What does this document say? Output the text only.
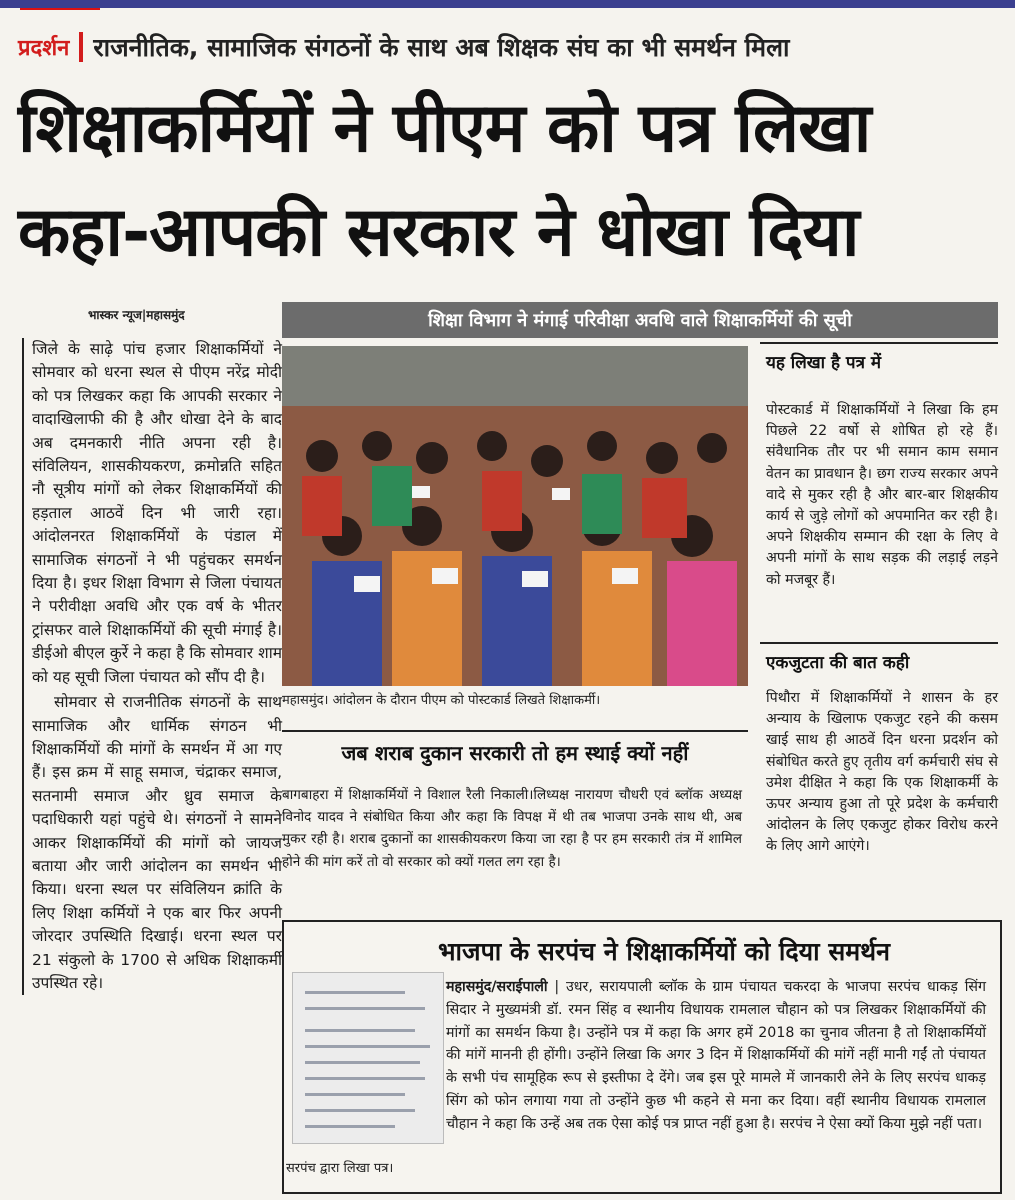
प्रदर्शन राजनीतिक, सामाजिक संगठनों के साथ अब शिक्षक संघ का भी समर्थन मिला
शिक्षाकर्मियों ने पीएम को पत्र लिखा
कहा-आपकी सरकार ने धोखा दिया
भास्कर न्यूज|महासमुंद

जिले के साढ़े पांच हजार शिक्षाकर्मियों ने सोमवार को धरना स्थल से पीएम नरेंद्र मोदी को पत्र लिखकर कहा कि आपकी सरकार ने वादाखिलाफी की है और धोखा देने के बाद अब दमनकारी नीति अपना रही है। संविलियन, शासकीयकरण, क्रमोन्नति सहित नौ सूत्रीय मांगों को लेकर शिक्षाकर्मियों की हड़ताल आठवें दिन भी जारी रहा। आंदोलनरत शिक्षाकर्मियों के पंडाल में सामाजिक संगठनों ने भी पहुंचकर समर्थन दिया है। इधर शिक्षा विभाग से जिला पंचायत ने परीवीक्षा अवधि और एक वर्ष के भीतर ट्रांसफर वाले शिक्षाकर्मियों की सूची मंगाई है। डीईओ बीएल कुर्रे ने कहा है कि सोमवार शाम को यह सूची जिला पंचायत को सौंप दी है।

सोमवार से राजनीतिक संगठनों के साथ सामाजिक और धार्मिक संगठन भी शिक्षाकर्मियों की मांगों के समर्थन में आ गए हैं। इस क्रम में साहू समाज, चंद्राकर समाज, सतनामी समाज और ध्रुव समाज के पदाधिकारी यहां पहुंचे थे। संगठनों ने सामने आकर शिक्षाकर्मियों की मांगों को जायज बताया और जारी आंदोलन का समर्थन भी किया। धरना स्थल पर संविलियन क्रांति के लिए शिक्षा कर्मियों ने एक बार फिर अपनी जोरदार उपस्थिति दिखाई। धरना स्थल पर 21 संकुलो के 1700 से अधिक शिक्षाकर्मी उपस्थित रहे।

शिक्षा विभाग ने मंगाई परिवीक्षा अवधि वाले शिक्षाकर्मियों की सूची
महासमुंद। आंदोलन के दौरान पीएम को पोस्टकार्ड लिखते शिक्षाकर्मी।
यह लिखा है पत्र में
पोस्टकार्ड में शिक्षाकर्मियों ने लिखा कि हम पिछले 22 वर्षो से शोषित हो रहे हैं। संवैधानिक तौर पर भी समान काम समान वेतन का प्रावधान है। छग राज्य सरकार अपने वादे से मुकर रही है और बार-बार शिक्षकीय कार्य से जुड़े लोगों को अपमानित कर रही है। अपने शिक्षकीय सम्मान की रक्षा के लिए वे अपनी मांगों के साथ सड़क की लड़ाई लड़ने को मजबूर हैं।
एकजुटता की बात कही
पिथौरा में शिक्षाकर्मियों ने शासन के हर अन्याय के खिलाफ एकजुट रहने की कसम खाई साथ ही आठवें दिन धरना प्रदर्शन को संबोधित करते हुए तृतीय वर्ग कर्मचारी संघ से उमेश दीक्षित ने कहा कि एक शिक्षाकर्मी के ऊपर अन्याय हुआ तो पूरे प्रदेश के कर्मचारी आंदोलन के लिए एकजुट होकर विरोध करने के लिए आगे आएंगे।
जब शराब दुकान सरकारी तो हम स्थाई क्यों नहीं
बागबाहरा में शिक्षाकर्मियों ने विशाल रैली निकाली।लिध्यक्ष नारायण चौधरी एवं ब्लॉक अध्यक्ष विनोद यादव ने संबोधित किया और कहा कि विपक्ष में थी तब भाजपा उनके साथ थी, अब मुकर रही है। शराब दुकानों का शासकीयकरण किया जा रहा है पर हम सरकारी तंत्र में शामिल होने की मांग करें तो वो सरकार को क्यों गलत लग रहा है।
भाजपा के सरपंच ने शिक्षाकर्मियों को दिया समर्थन
सरपंच द्वारा लिखा पत्र।
महासमुंद/सराईपाली | उधर, सरायपाली ब्लॉक के ग्राम पंचायत चकरदा के भाजपा सरपंच धाकड़ सिंग सिदार ने मुख्यमंत्री डॉ. रमन सिंह व स्थानीय विधायक रामलाल चौहान को पत्र लिखकर शिक्षाकर्मियों की मांगों का समर्थन किया है। उन्होंने पत्र में कहा कि अगर हमें 2018 का चुनाव जीतना है तो शिक्षाकर्मियों की मांगें माननी ही होंगी। उन्होंने लिखा कि अगर 3 दिन में शिक्षाकर्मियों की मांगें नहीं मानी गईं तो पंचायत के सभी पंच सामूहिक रूप से इस्तीफा दे देंगे। जब इस पूरे मामले में जानकारी लेने के लिए सरपंच धाकड़ सिंग को फोन लगाया गया तो उन्होंने कुछ भी कहने से मना कर दिया। वहीं स्थानीय विधायक रामलाल चौहान ने कहा कि उन्हें अब तक ऐसा कोई पत्र प्राप्त नहीं हुआ है। सरपंच ने ऐसा क्यों किया मुझे नहीं पता।
